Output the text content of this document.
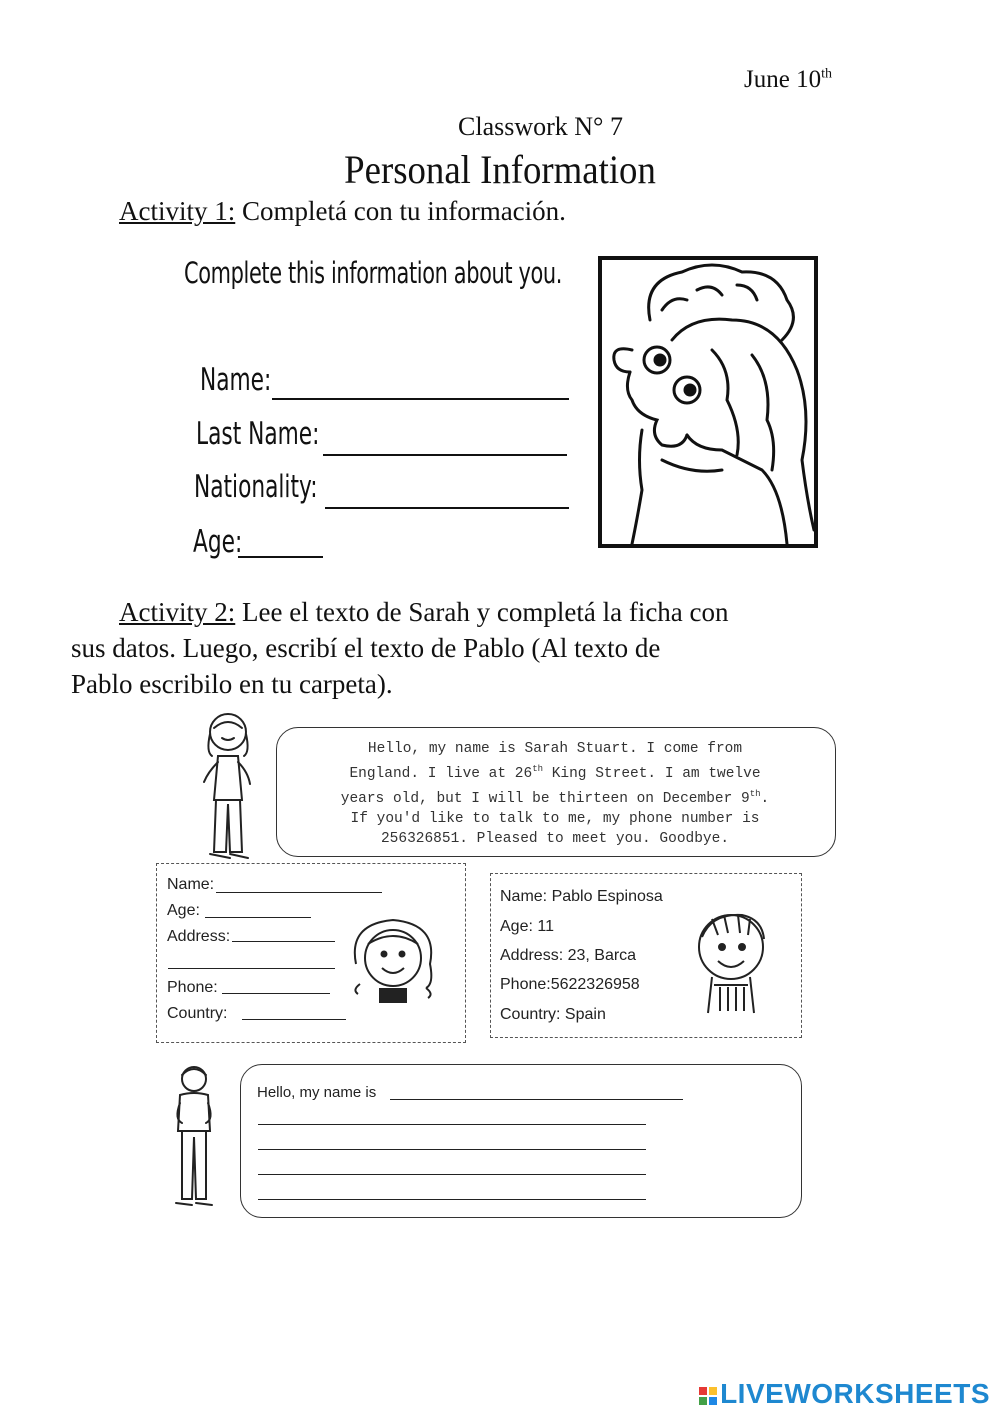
June 10th
Classwork N° 7
Personal Information
Activity 1: Completá con tu información.
Complete this information about you.
Name:
Last Name:
Nationality:
Age:
Activity 2: Lee el texto de Sarah y completá la ficha con
sus datos. Luego, escribí el texto de Pablo (Al texto de
Pablo escribilo en tu carpeta).
Hello, my name is Sarah Stuart. I come from
England. I live at 26th King Street. I am twelve
years old, but I will be thirteen on December 9th.
If you'd like to talk to me, my phone number is
256326851. Pleased to meet you. Goodbye.
Name:
Age:
Address:
Phone:
Country:
Name: Pablo Espinosa
Age: 11
Address: 23, Barca
Phone:5622326958
Country: Spain
Hello, my name is
LIVEWORKSHEETS
